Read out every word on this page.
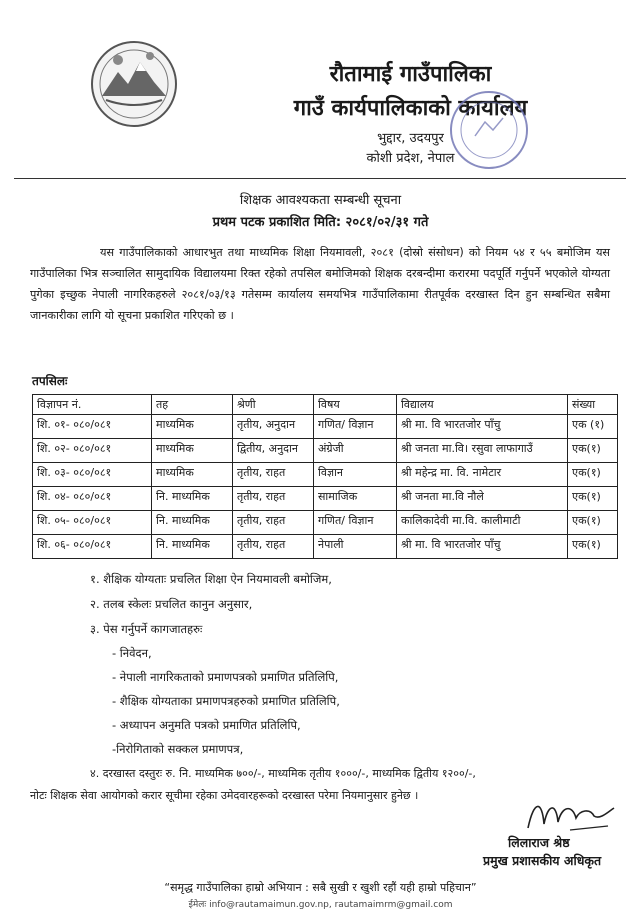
रौतामाई गाउँपालिका
गाउँ कार्यपालिकाको कार्यालय
भुद्दार, उदयपुर
कोशी प्रदेश, नेपाल
शिक्षक आवश्यकता सम्बन्धी सूचना
प्रथम पटक प्रकाशित मिति: २०८१/०२/३१ गते
यस गाउँपालिकाको आधारभुत तथा माध्यमिक शिक्षा नियमावली, २०८१ (दोस्रो संसोधन) को नियम ५४ र ५५ बमोजिम यस गाउँपालिका भित्र सञ्चालित सामुदायिक विद्यालयमा रिक्त रहेको तपसिल बमोजिमको शिक्षक दरबन्दीमा करारमा पदपूर्ति गर्नुपर्ने भएकोले योग्यता पुगेका इच्छुक नेपाली नागरिकहरुले २०८१/०३/१३ गतेसम्म कार्यालय समयभित्र गाउँपालिकामा रीतपूर्वक दरखास्त दिन हुन सम्बन्धित सबैमा जानकारीका लागि यो सूचना प्रकाशित गरिएको छ ।
तपसिलः
विज्ञापन नं.	तह	श्रेणी	विषय	विद्यालय	संख्या
शि. ०१- ०८०/०८१	माध्यमिक	तृतीय, अनुदान	गणित/ विज्ञान	श्री मा. वि भारतजोर पाँचु	एक (१)
शि. ०२- ०८०/०८१	माध्यमिक	द्वितीय, अनुदान	अंग्रेजी	श्री जनता मा.वि। रसुवा लाफागाउँ	एक(१)
शि. ०३- ०८०/०८१	माध्यमिक	तृतीय, राहत	विज्ञान	श्री महेन्द्र मा. वि. नामेटार	एक(१)
शि. ०४- ०८०/०८१	नि. माध्यमिक	तृतीय, राहत	सामाजिक	श्री जनता मा.वि नौले	एक(१)
शि. ०५- ०८०/०८१	नि. माध्यमिक	तृतीय, राहत	गणित/ विज्ञान	कालिकादेवी मा.वि. कालीमाटी	एक(१)
शि. ०६- ०८०/०८१	नि. माध्यमिक	तृतीय, राहत	नेपाली	श्री मा. वि भारतजोर पाँचु	एक(१)
१. शैक्षिक योग्यताः प्रचलित शिक्षा ऐन नियमावली बमोजिम,
२. तलब स्केलः प्रचलित कानुन अनुसार,
३. पेस गर्नुपर्ने कागजातहरुः
- निवेदन,
- नेपाली नागरिकताको प्रमाणपत्रको प्रमाणित प्रतिलिपि,
- शैक्षिक योग्यताका प्रमाणपत्रहरुको प्रमाणित प्रतिलिपि,
- अध्यापन अनुमति पत्रको प्रमाणित प्रतिलिपि,
-निरोगिताको सक्कल प्रमाणपत्र,
४. दरखास्त दस्तुरः रु. नि. माध्यमिक ७००/-, माध्यमिक तृतीय १०००/-, माध्यमिक द्वितीय १२००/-,
नोटः शिक्षक सेवा आयोगको करार सूचीमा रहेका उमेदवारहरूको दरखास्त परेमा नियमानुसार हुनेछ ।
लिलाराज श्रेष्ठ
प्रमुख प्रशासकीय अधिकृत
“समृद्ध गाउँपालिका हाम्रो अभियान : सबै सुखी र खुशी रहौं यही हाम्रो पहिचान”
ईमेलः info@rautamaimun.gov.np, rautamaimrm@gmail.com
